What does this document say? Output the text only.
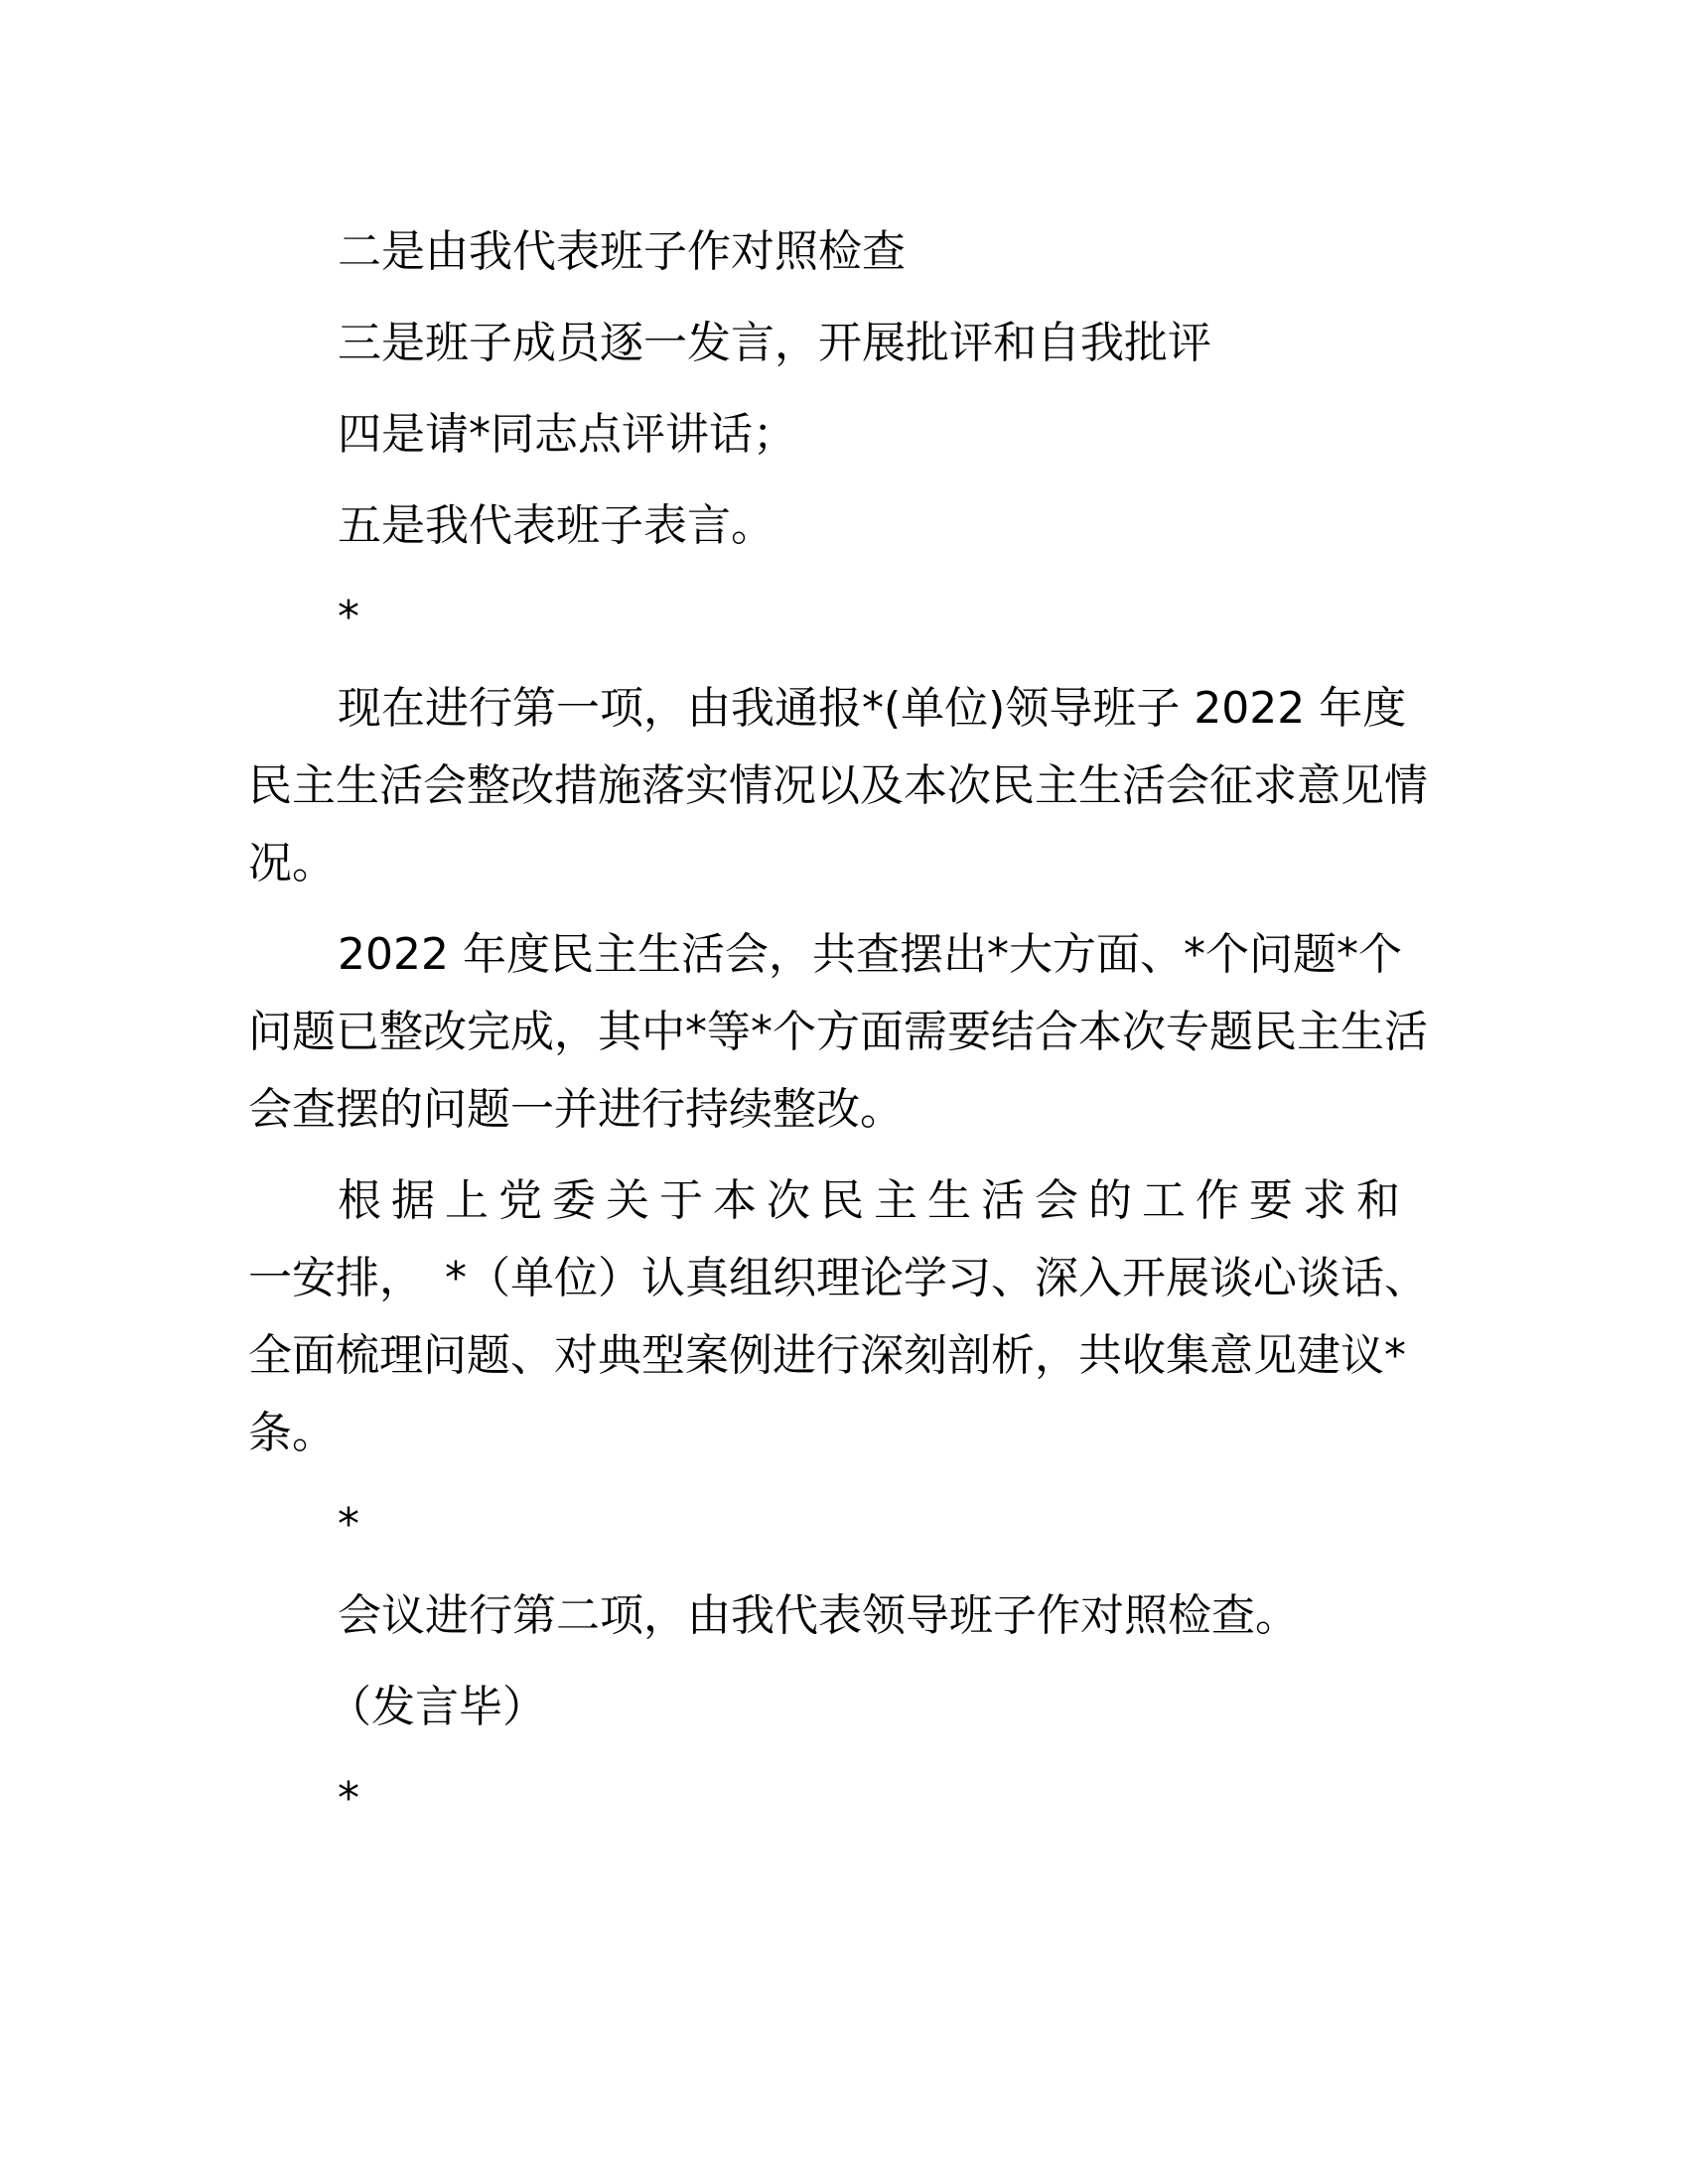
二是由我代表班子作对照检查

三是班子成员逐一发言，开展批评和自我批评

四是请*同志点评讲话；

五是我代表班子表言。

*

现在进行第一项，由我通报*(单位)领导班子 2022 年度民主生活会整改措施落实情况以及本次民主生活会征求意见情况。

2022 年度民主生活会，共查摆出*大方面、*个问题*个问题已整改完成，其中*等*个方面需要结合本次专题民主生活会查摆的问题一并进行持续整改。

根据上党委关于本次民主生活会的工作要求和

一安排，　*（单位）认真组织理论学习、深入开展谈心谈话、全面梳理问题、对典型案例进行深刻剖析，共收集意见建议*条。

*

会议进行第二项，由我代表领导班子作对照检查。

（发言毕）

*
